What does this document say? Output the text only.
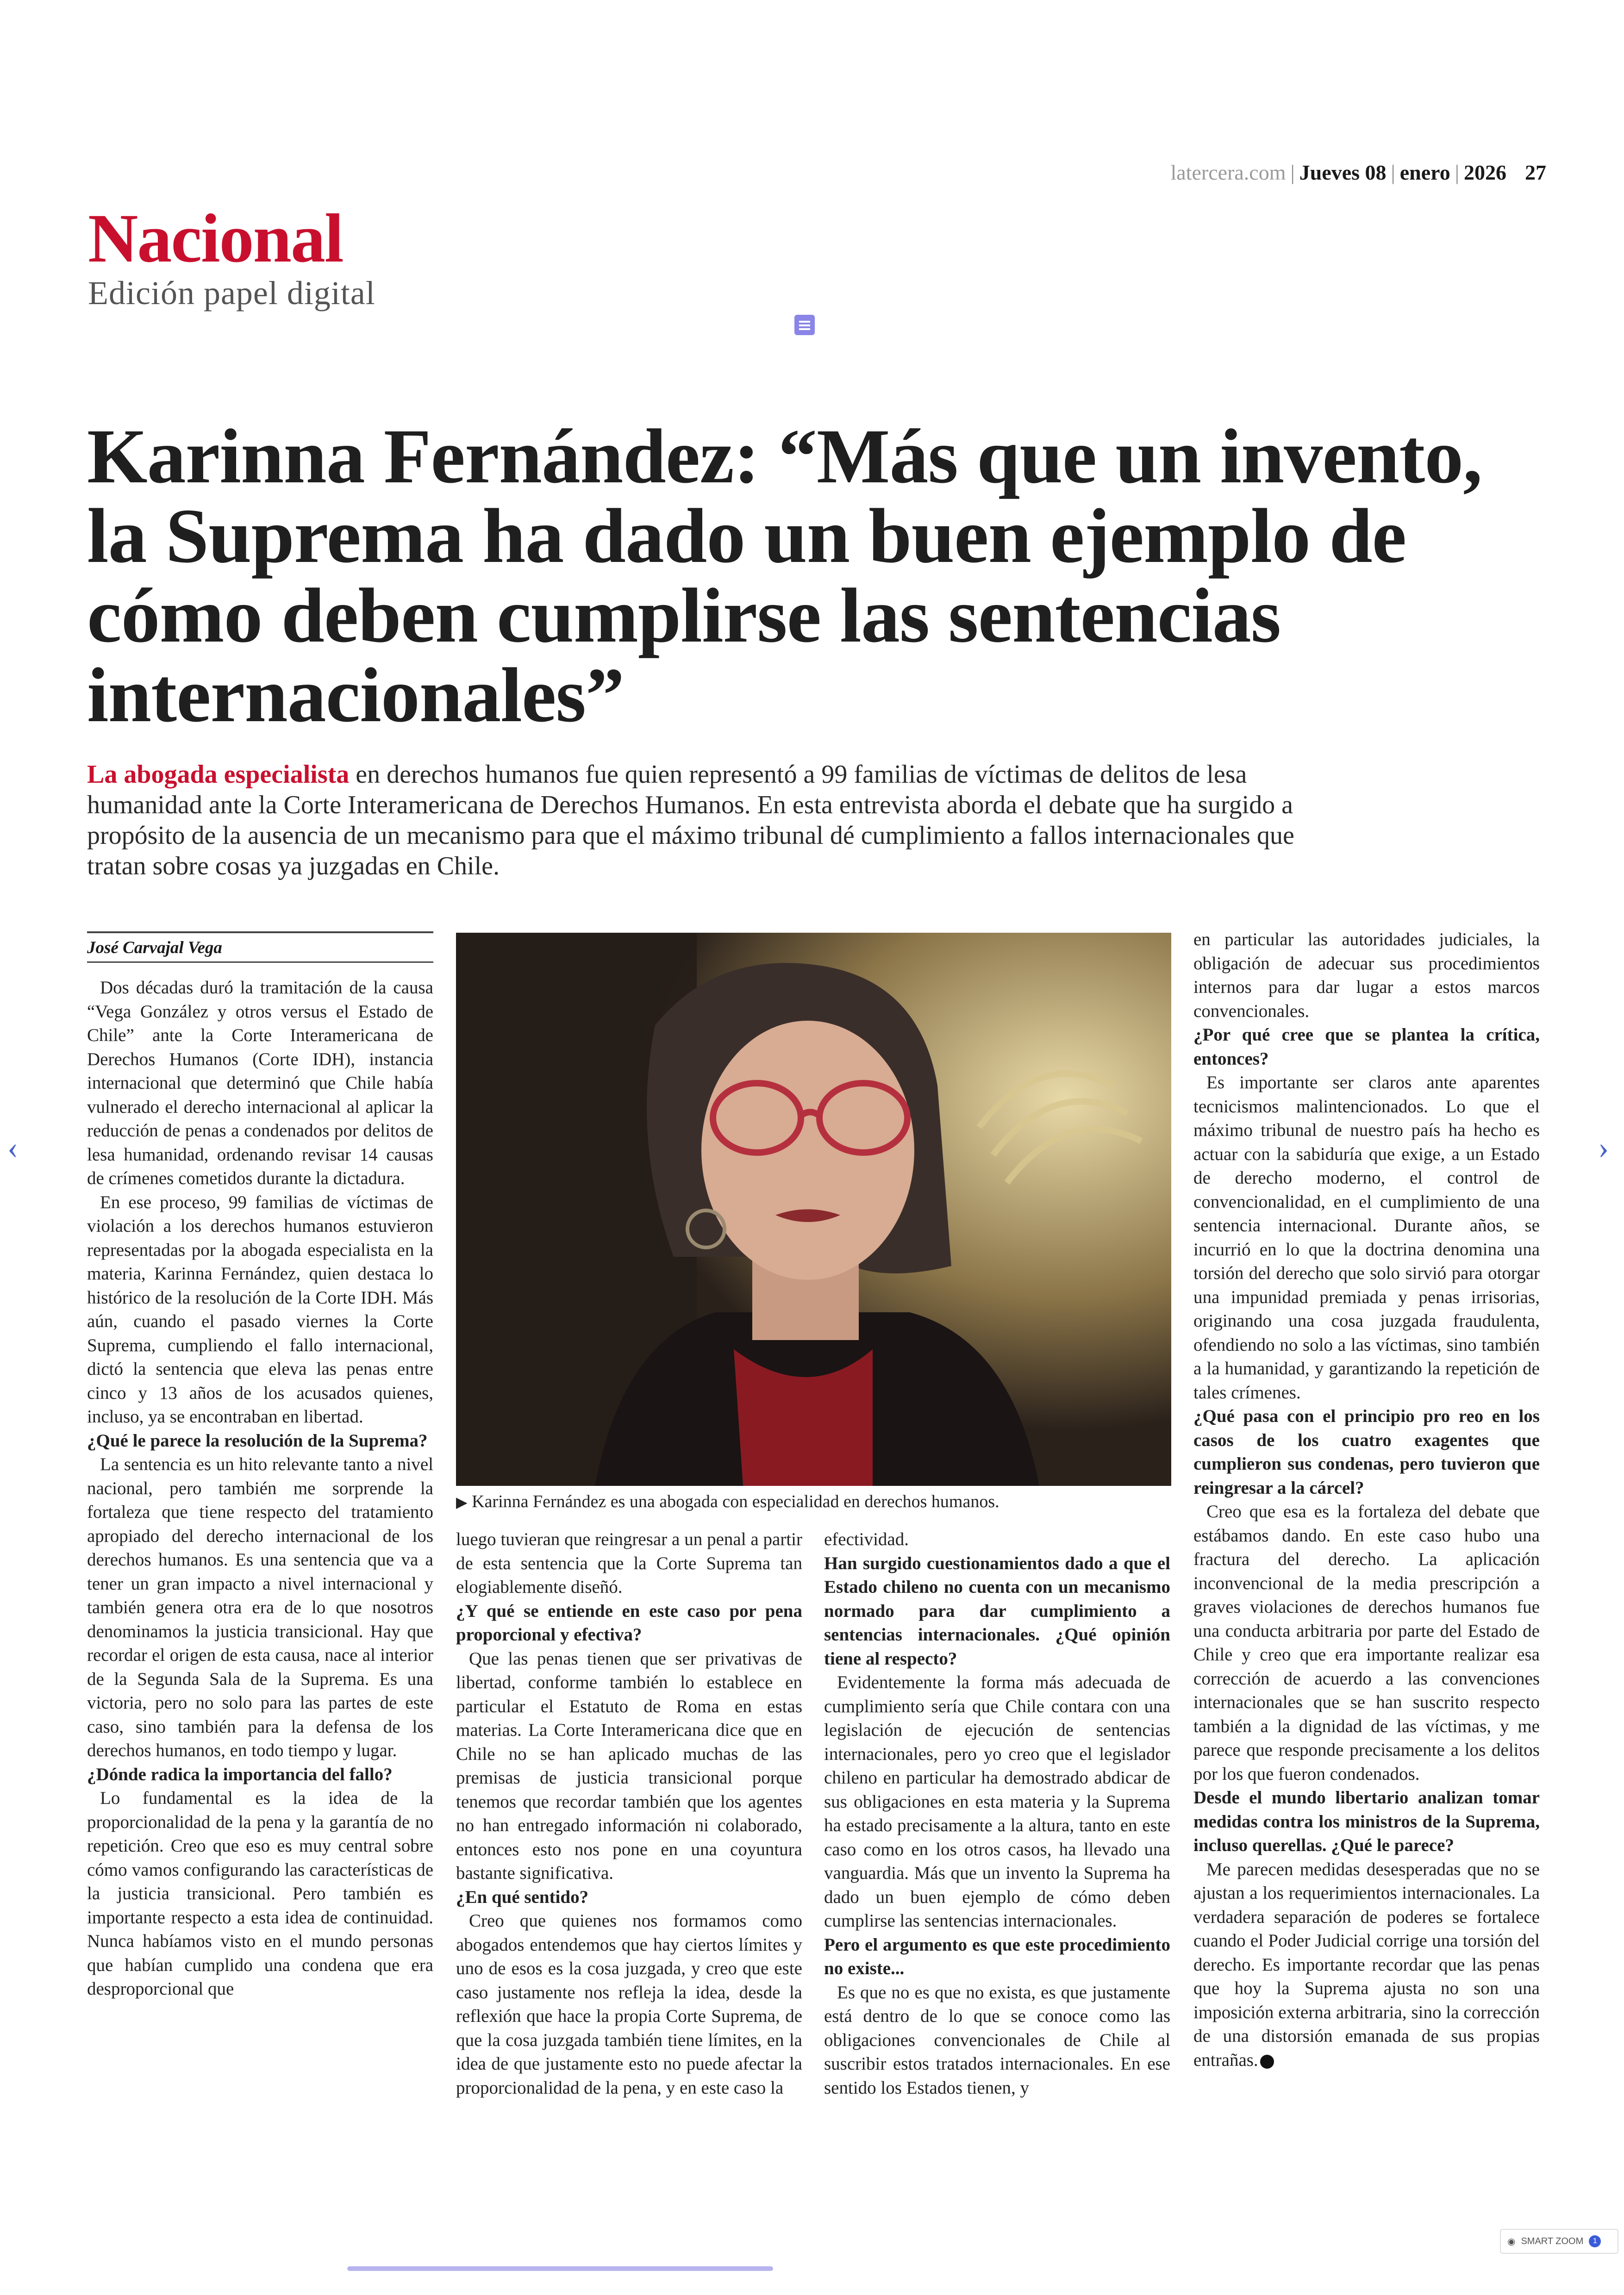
latercera.com | Jueves 08 | enero | 2026 27
Nacional
Edición papel digital
Karinna Fernández: “Más que un invento, la Suprema ha dado un buen ejemplo de cómo deben cumplirse las sentencias internacionales”
La abogada especialista en derechos humanos fue quien representó a 99 familias de víctimas de delitos de lesa humanidad ante la Corte Interamericana de Derechos Humanos. En esta entrevista aborda el debate que ha surgido a propósito de la ausencia de un mecanismo para que el máximo tribunal dé cumplimiento a fallos internacionales que tratan sobre cosas ya juzgadas en Chile.
José Carvajal Vega

Dos décadas duró la tramitación de la causa “Vega González y otros versus el Estado de Chile” ante la Corte Interamericana de Derechos Humanos (Corte IDH), instancia internacional que determinó que Chile había vulnerado el derecho internacional al aplicar la reducción de penas a condenados por delitos de lesa humanidad, ordenando revisar 14 causas de crímenes cometidos durante la dictadura.

En ese proceso, 99 familias de víctimas de violación a los derechos humanos estuvieron representadas por la abogada especialista en la materia, Karinna Fernández, quien destaca lo histórico de la resolución de la Corte IDH. Más aún, cuando el pasado viernes la Corte Suprema, cumpliendo el fallo internacional, dictó la sentencia que eleva las penas entre cinco y 13 años de los acusados quienes, incluso, ya se encontraban en libertad.

¿Qué le parece la resolución de la Suprema?

La sentencia es un hito relevante tanto a nivel nacional, pero también me sorprende la fortaleza que tiene respecto del tratamiento apropiado del derecho internacional de los derechos humanos. Es una sentencia que va a tener un gran impacto a nivel internacional y también genera otra era de lo que nosotros denominamos la justicia transicional. Hay que recordar el origen de esta causa, nace al interior de la Segunda Sala de la Suprema. Es una victoria, pero no solo para las partes de este caso, sino también para la defensa de los derechos humanos, en todo tiempo y lugar.

¿Dónde radica la importancia del fallo?

Lo fundamental es la idea de la proporcionalidad de la pena y la garantía de no repetición. Creo que eso es muy central sobre cómo vamos configurando las características de la justicia transicional. Pero también es importante respecto a esta idea de continuidad. Nunca habíamos visto en el mundo personas que habían cumplido una condena que era desproporcional que

▶ Karinna Fernández es una abogada con especialidad en derechos humanos.

luego tuvieran que reingresar a un penal a partir de esta sentencia que la Corte Suprema tan elogiablemente diseñó.

¿Y qué se entiende en este caso por pena proporcional y efectiva?

Que las penas tienen que ser privativas de libertad, conforme también lo establece en particular el Estatuto de Roma en estas materias. La Corte Interamericana dice que en Chile no se han aplicado muchas de las premisas de justicia transicional porque tenemos que recordar también que los agentes no han entregado información ni colaborado, entonces esto nos pone en una coyuntura bastante significativa.

¿En qué sentido?

Creo que quienes nos formamos como abogados entendemos que hay ciertos límites y uno de esos es la cosa juzgada, y creo que este caso justamente nos refleja la idea, desde la reflexión que hace la propia Corte Suprema, de que la cosa juzgada también tiene límites, en la idea de que justamente esto no puede afectar la proporcionalidad de la pena, y en este caso la

efectividad.

Han surgido cuestionamientos dado a que el Estado chileno no cuenta con un mecanismo normado para dar cumplimiento a sentencias internacionales. ¿Qué opinión tiene al respecto?

Evidentemente la forma más adecuada de cumplimiento sería que Chile contara con una legislación de ejecución de sentencias internacionales, pero yo creo que el legislador chileno en particular ha demostrado abdicar de sus obligaciones en esta materia y la Suprema ha estado precisamente a la altura, tanto en este caso como en los otros casos, ha llevado una vanguardia. Más que un invento la Suprema ha dado un buen ejemplo de cómo deben cumplirse las sentencias internacionales.

Pero el argumento es que este procedimiento no existe...

Es que no es que no exista, es que justamente está dentro de lo que se conoce como las obligaciones convencionales de Chile al suscribir estos tratados internacionales. En ese sentido los Estados tienen, y

en particular las autoridades judiciales, la obligación de adecuar sus procedimientos internos para dar lugar a estos marcos convencionales.

¿Por qué cree que se plantea la crítica, entonces?

Es importante ser claros ante aparentes tecnicismos malintencionados. Lo que el máximo tribunal de nuestro país ha hecho es actuar con la sabiduría que exige, a un Estado de derecho moderno, el control de convencionalidad, en el cumplimiento de una sentencia internacional. Durante años, se incurrió en lo que la doctrina denomina una torsión del derecho que solo sirvió para otorgar una impunidad premiada y penas irrisorias, originando una cosa juzgada fraudulenta, ofendiendo no solo a las víctimas, sino también a la humanidad, y garantizando la repetición de tales crímenes.

¿Qué pasa con el principio pro reo en los casos de los cuatro exagentes que cumplieron sus condenas, pero tuvieron que reingresar a la cárcel?

Creo que esa es la fortaleza del debate que estábamos dando. En este caso hubo una fractura del derecho. La aplicación inconvencional de la media prescripción a graves violaciones de derechos humanos fue una conducta arbitraria por parte del Estado de Chile y creo que era importante realizar esa corrección de acuerdo a las convenciones internacionales que se han suscrito respecto también a la dignidad de las víctimas, y me parece que responde precisamente a los delitos por los que fueron condenados.

Desde el mundo libertario analizan tomar medidas contra los ministros de la Suprema, incluso querellas. ¿Qué le parece?

Me parecen medidas desesperadas que no se ajustan a los requerimientos internacionales. La verdadera separación de poderes se fortalece cuando el Poder Judicial corrige una torsión del derecho. Es importante recordar que las penas que hoy la Suprema ajusta no son una imposición externa arbitraria, sino la corrección de una distorsión emanada de sus propias entrañas.

‹	›
◉ SMART ZOOM	1
